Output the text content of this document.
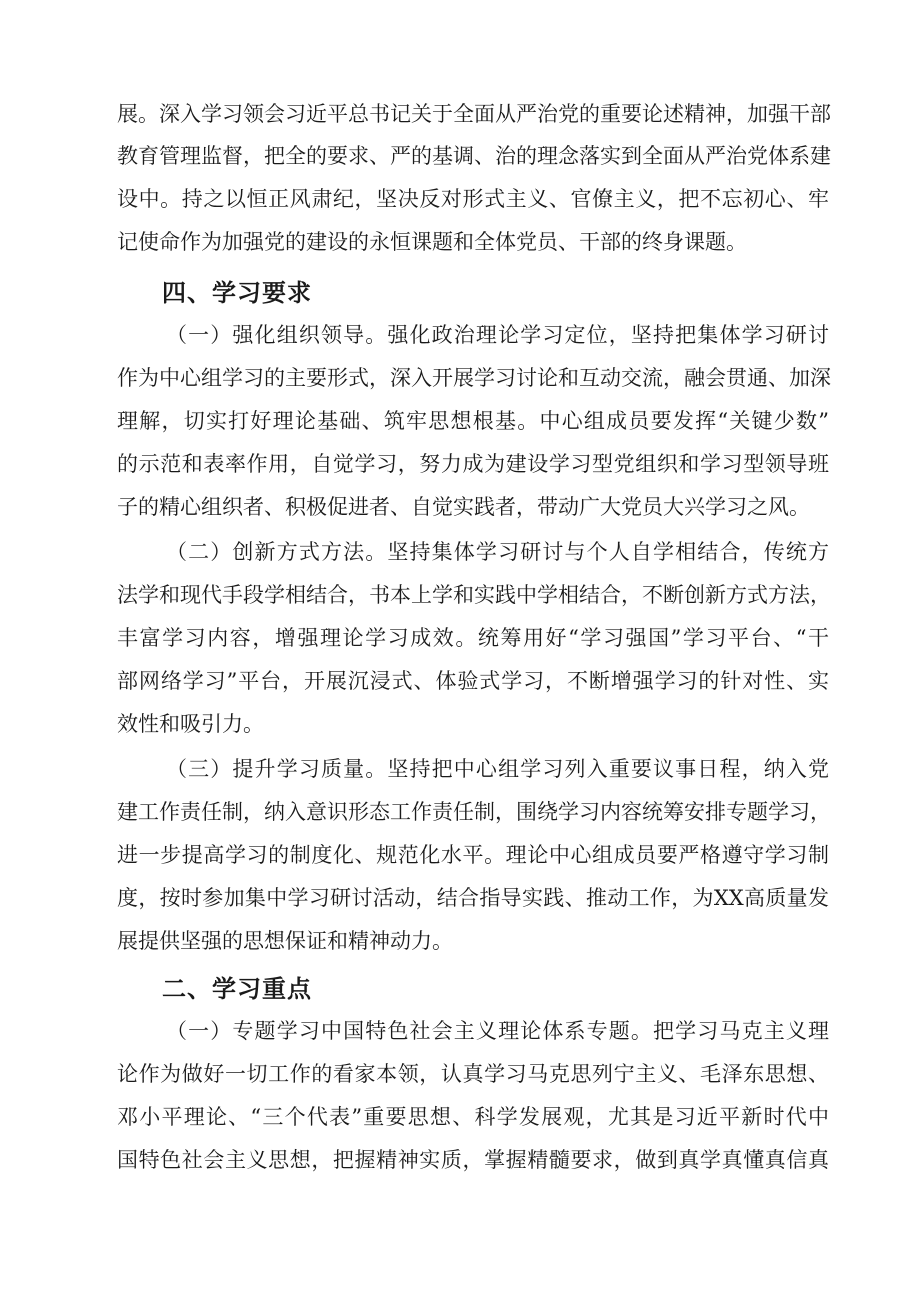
展。深入学习领会习近平总书记关于全面从严治党的重要论述精神，加强干部
教育管理监督，把全的要求、严的基调、治的理念落实到全面从严治党体系建
设中。持之以恒正风肃纪，坚决反对形式主义、官僚主义，把不忘初心、牢
记使命作为加强党的建设的永恒课题和全体党员、干部的终身课题。
四、学习要求
（一）强化组织领导。强化政治理论学习定位，坚持把集体学习研讨
作为中心组学习的主要形式，深入开展学习讨论和互动交流，融会贯通、加深
理解，切实打好理论基础、筑牢思想根基。中心组成员要发挥“关键少数”
的示范和表率作用，自觉学习，努力成为建设学习型党组织和学习型领导班
子的精心组织者、积极促进者、自觉实践者，带动广大党员大兴学习之风。
（二）创新方式方法。坚持集体学习研讨与个人自学相结合，传统方
法学和现代手段学相结合，书本上学和实践中学相结合，不断创新方式方法，
丰富学习内容，增强理论学习成效。统筹用好“学习强国”学习平台、“干
部网络学习”平台，开展沉浸式、体验式学习，不断增强学习的针对性、实
效性和吸引力。
（三）提升学习质量。坚持把中心组学习列入重要议事日程，纳入党
建工作责任制，纳入意识形态工作责任制，围绕学习内容统筹安排专题学习，
进一步提高学习的制度化、规范化水平。理论中心组成员要严格遵守学习制
度，按时参加集中学习研讨活动，结合指导实践、推动工作，为XX高质量发
展提供坚强的思想保证和精神动力。
二、学习重点
（一）专题学习中国特色社会主义理论体系专题。把学习马克主义理
论作为做好一切工作的看家本领，认真学习马克思列宁主义、毛泽东思想、
邓小平理论、“三个代表”重要思想、科学发展观，尤其是习近平新时代中
国特色社会主义思想，把握精神实质，掌握精髓要求，做到真学真懂真信真
